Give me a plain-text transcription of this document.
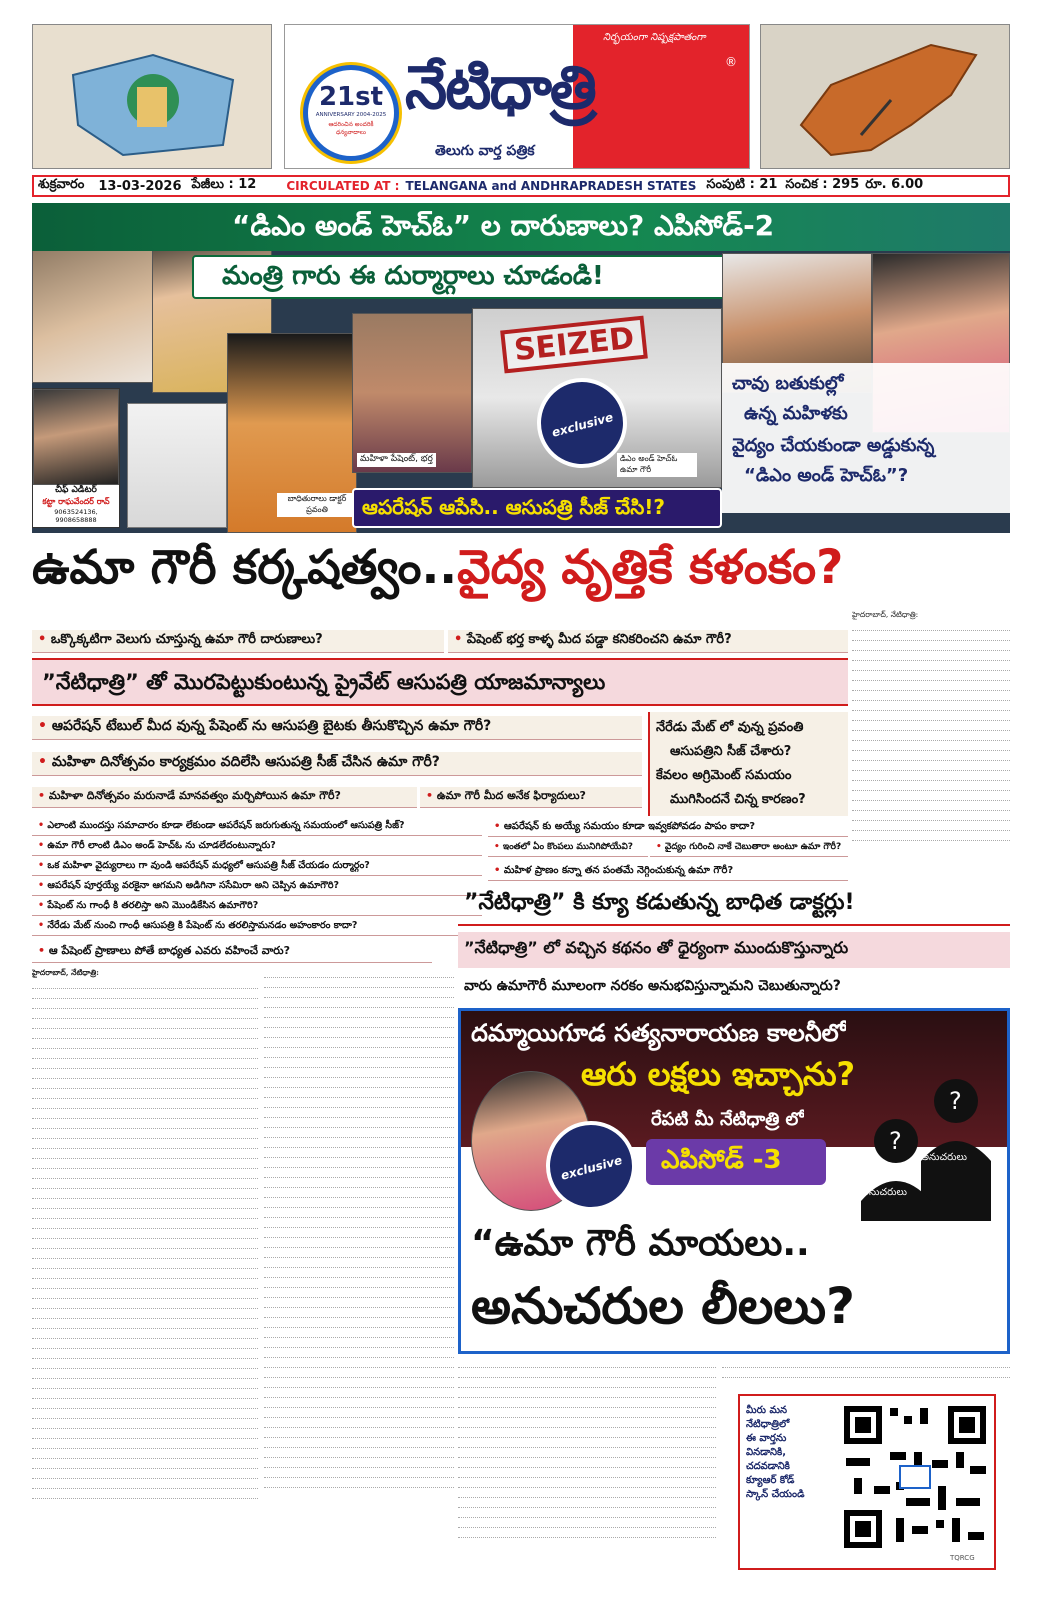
నిర్భయంగా నిష్పక్షపాతంగా
21st
ANNIVERSARY 2004-2025
ఆదరించిన అందరికీ ధన్యవాదాలు
నేటిధాత్రి	®
తెలుగు వార్త పత్రిక
శుక్రవారం 13-03-2026 పేజీలు : 12	CIRCULATED AT : TELANGANA and ANDHRAPRADESH STATES సంపుటి : 21 సంచిక : 295 రూ. 6.00
SEIZED
“డిఎం అండ్ హెచ్ఓ” ల దారుణాలు? ఎపిసోడ్-2
మంత్రి గారు ఈ దుర్మార్గాలు చూడండి!
చావు బతుకుల్లో
ఉన్న మహిళకు
వైద్యం చేయకుండా అడ్డుకున్న
“డిఎం అండ్ హెచ్ఓ”?
exclusive
మహిళా పేషెంట్, భర్త	డిఎం అండ్ హెచ్ఓ ఉమా గౌరీ
బాధితురాలు డాక్టర్ ప్రవంతి	ఆపరేషన్ ఆపేసి.. ఆసుపత్రి సీజ్ చేసి!?
చీఫ్ ఎడిటర్
కట్టా రాఘవేందర్ రావ్
9063524136, 9908658888
ఉమా గౌరీ కర్కషత్వం..వైద్య వృత్తికే కళంకం?
హైదరాబాద్, నేటిధాత్రి:
• ఒక్కొక్కటిగా వెలుగు చూస్తున్న ఉమా గౌరీ దారుణాలు?	• పేషెంట్ భర్త కాళ్ళ మీద పడ్డా కనికరించని ఉమా గౌరీ?
”నేటిధాత్రి” తో మొరపెట్టుకుంటున్న ప్రైవేట్ ఆసుపత్రి యాజమాన్యాలు
• ఆపరేషన్ టేబుల్ మీద వున్న పేషెంట్ ను ఆసుపత్రి బైటకు తీసుకొచ్చిన ఉమా గౌరీ?
• మహిళా దినోత్సవం కార్యక్రమం వదిలేసి ఆసుపత్రి సీజ్ చేసిన ఉమా గౌరీ?
• మహిళా దినోత్సవం మరునాడే మానవత్వం మర్చిపోయిన ఉమా గౌరీ?	• ఉమా గౌరీ మీద అనేక ఫిర్యాదులు?
నేరేడు మేట్ లో వున్న ప్రవంతి
ఆసుపత్రిని సీజ్ చేశారు?
కేవలం అగ్రిమెంట్ సమయం
ముగిసిందనే చిన్న కారణం?
• ఎలాంటి ముందస్తు సమాచారం కూడా లేకుండా ఆపరేషన్ జరుగుతున్న సమయంలో ఆసుపత్రి సీజ్?
• ఉమా గౌరీ లాంటి డిఎం అండ్ హెచ్ఓ ను చూడలేదంటున్నారు?
• ఒక మహిళా వైద్యురాలు గా వుండి ఆపరేషన్ మధ్యలో ఆసుపత్రి సీజ్ చేయడం దుర్మార్గం?
• ఆపరేషన్ పూర్తయ్యే వరకైనా ఆగమని అడిగినా ససేమిరా అని చెప్పిన ఉమాగౌరి?
• పేషెంట్ ను గాంధీ కి తరలిస్తా అని మొండికేసిన ఉమాగౌరి?
• నేరేడు మేట్ నుంచి గాంధీ ఆసుపత్రి కి పేషెంట్ ను తరలిస్తామనడం అహంకారం కాదా?
• ఆ పేషెంట్ ప్రాణాలు పోతే బాధ్యత ఎవరు వహించే వారు?
• ఆపరేషన్ కు అయ్యే సమయం కూడా ఇవ్వకపోవడం పాపం కాదా?
• ఇంతలో ఏం కొంపలు మునిగిపోయేవి?	• వైద్యం గురించి నాకే చెబుతారా అంటూ ఉమా గౌరీ?
• మహిళ ప్రాణం కన్నా తన పంతమే నెగ్గించుకున్న ఉమా గౌరీ?
”నేటిధాత్రి” కి క్యూ కడుతున్న బాధిత డాక్టర్లు!
”నేటిధాత్రి” లో వచ్చిన కథనం తో ధైర్యంగా ముందుకొస్తున్నారు
వారు ఉమాగౌరీ మూలంగా నరకం అనుభవిస్తున్నామని చెబుతున్నారు?
హైదరాబాద్, నేటిధాత్రి:
దమ్మాయిగూడ సత్యనారాయణ కాలనీలో
ఆరు లక్షలు ఇచ్చాను?
exclusive
రేపటి మీ నేటిధాత్రి లో
ఎపిసోడ్ -3
?
?
అనుచరులు
అనుచరులు
“ఉమా గౌరీ మాయలు..
అనుచరుల లీలలు?
మీరు మన
నేటిధాత్రిలో
ఈ వార్తను
వినడానికి,
చదవడానికి
క్యూఆర్ కోడ్
స్కాన్ చేయండి
TQRCG
